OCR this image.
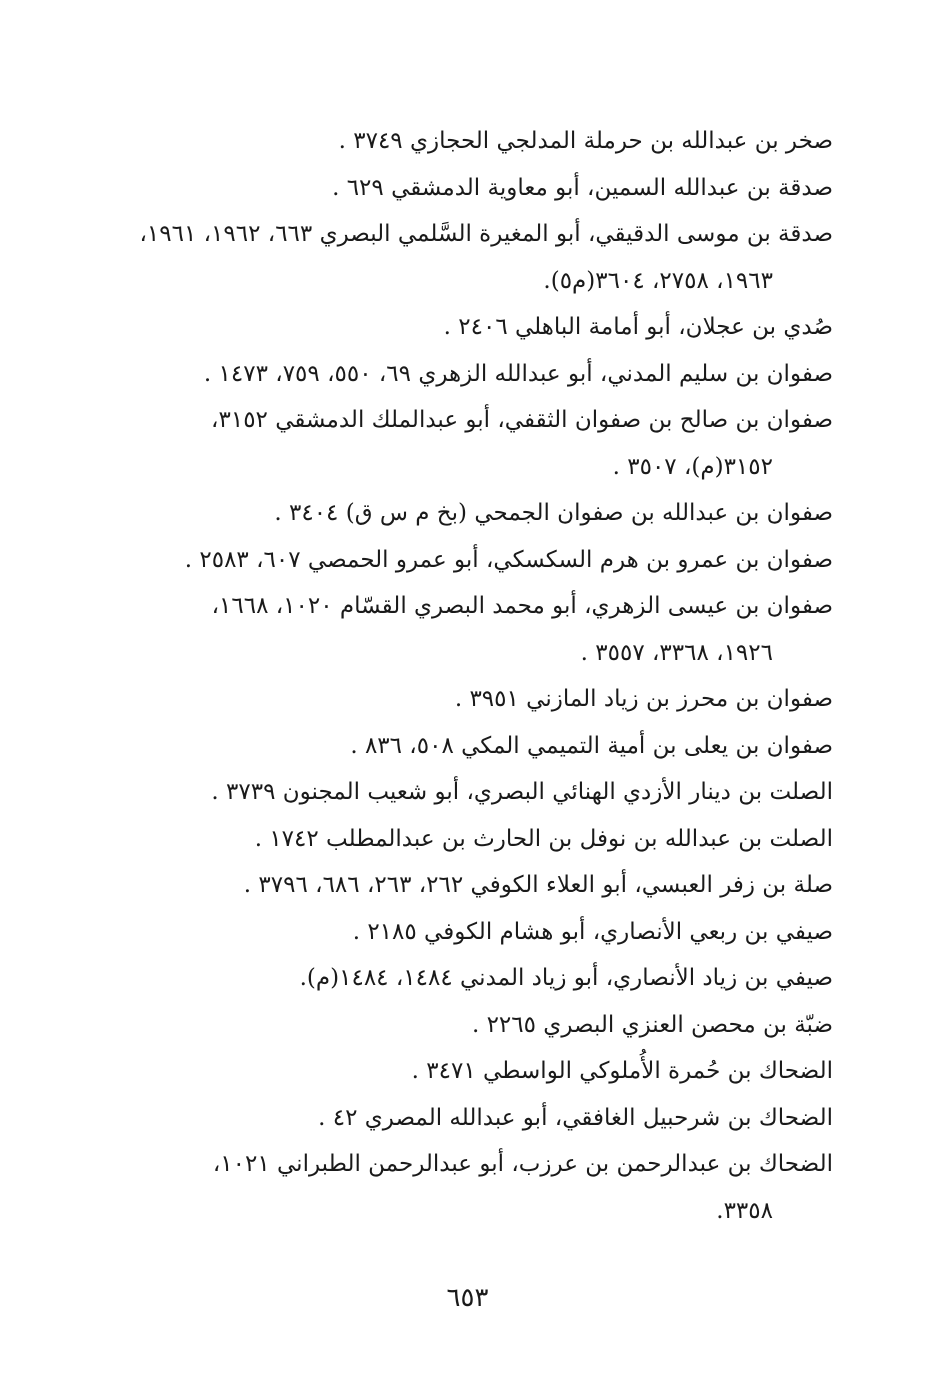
صخر بن عبدالله بن حرملة المدلجي الحجازي ٣٧٤٩ .

صدقة بن عبدالله السمين، أبو معاوية الدمشقي ٦٢٩ .

صدقة بن موسى الدقيقي، أبو المغيرة السَّلمي البصري ٦٦٣، ١٩٦٢، ١٩٦١،
١٩٦٣، ٢٧٥٨، ٣٦٠٤(م٥).

صُدي بن عجلان، أبو أمامة الباهلي ٢٤٠٦ .

صفوان بن سليم المدني، أبو عبدالله الزهري ٦٩، ٥٥٠، ٧٥٩، ١٤٧٣ .

صفوان بن صالح بن صفوان الثقفي، أبو عبدالملك الدمشقي ٣١٥٢،
٣١٥٢(م)، ٣٥٠٧ .

صفوان بن عبدالله بن صفوان الجمحي (بخ م س ق) ٣٤٠٤ .

صفوان بن عمرو بن هرم السكسكي، أبو عمرو الحمصي ٦٠٧، ٢٥٨٣ .

صفوان بن عيسى الزهري، أبو محمد البصري القسّام ١٠٢٠، ١٦٦٨،
١٩٢٦، ٣٣٦٨، ٣٥٥٧ .

صفوان بن محرز بن زياد المازني ٣٩٥١ .

صفوان بن يعلى بن أمية التميمي المكي ٥٠٨، ٨٣٦ .

الصلت بن دينار الأزدي الهنائي البصري، أبو شعيب المجنون ٣٧٣٩ .

الصلت بن عبدالله بن نوفل بن الحارث بن عبدالمطلب ١٧٤٢ .

صلة بن زفر العبسي، أبو العلاء الكوفي ٢٦٢، ٢٦٣، ٦٨٦، ٣٧٩٦ .

صيفي بن ربعي الأنصاري، أبو هشام الكوفي ٢١٨٥ .

صيفي بن زياد الأنصاري، أبو زياد المدني ١٤٨٤، ١٤٨٤(م).

ضبّة بن محصن العنزي البصري ٢٢٦٥ .

الضحاك بن حُمرة الأُملوكي الواسطي ٣٤٧١ .

الضحاك بن شرحبيل الغافقي، أبو عبدالله المصري ٤٢ .

الضحاك بن عبدالرحمن بن عرزب، أبو عبدالرحمن الطبراني ١٠٢١،
٣٣٥٨.

٦٥٣
